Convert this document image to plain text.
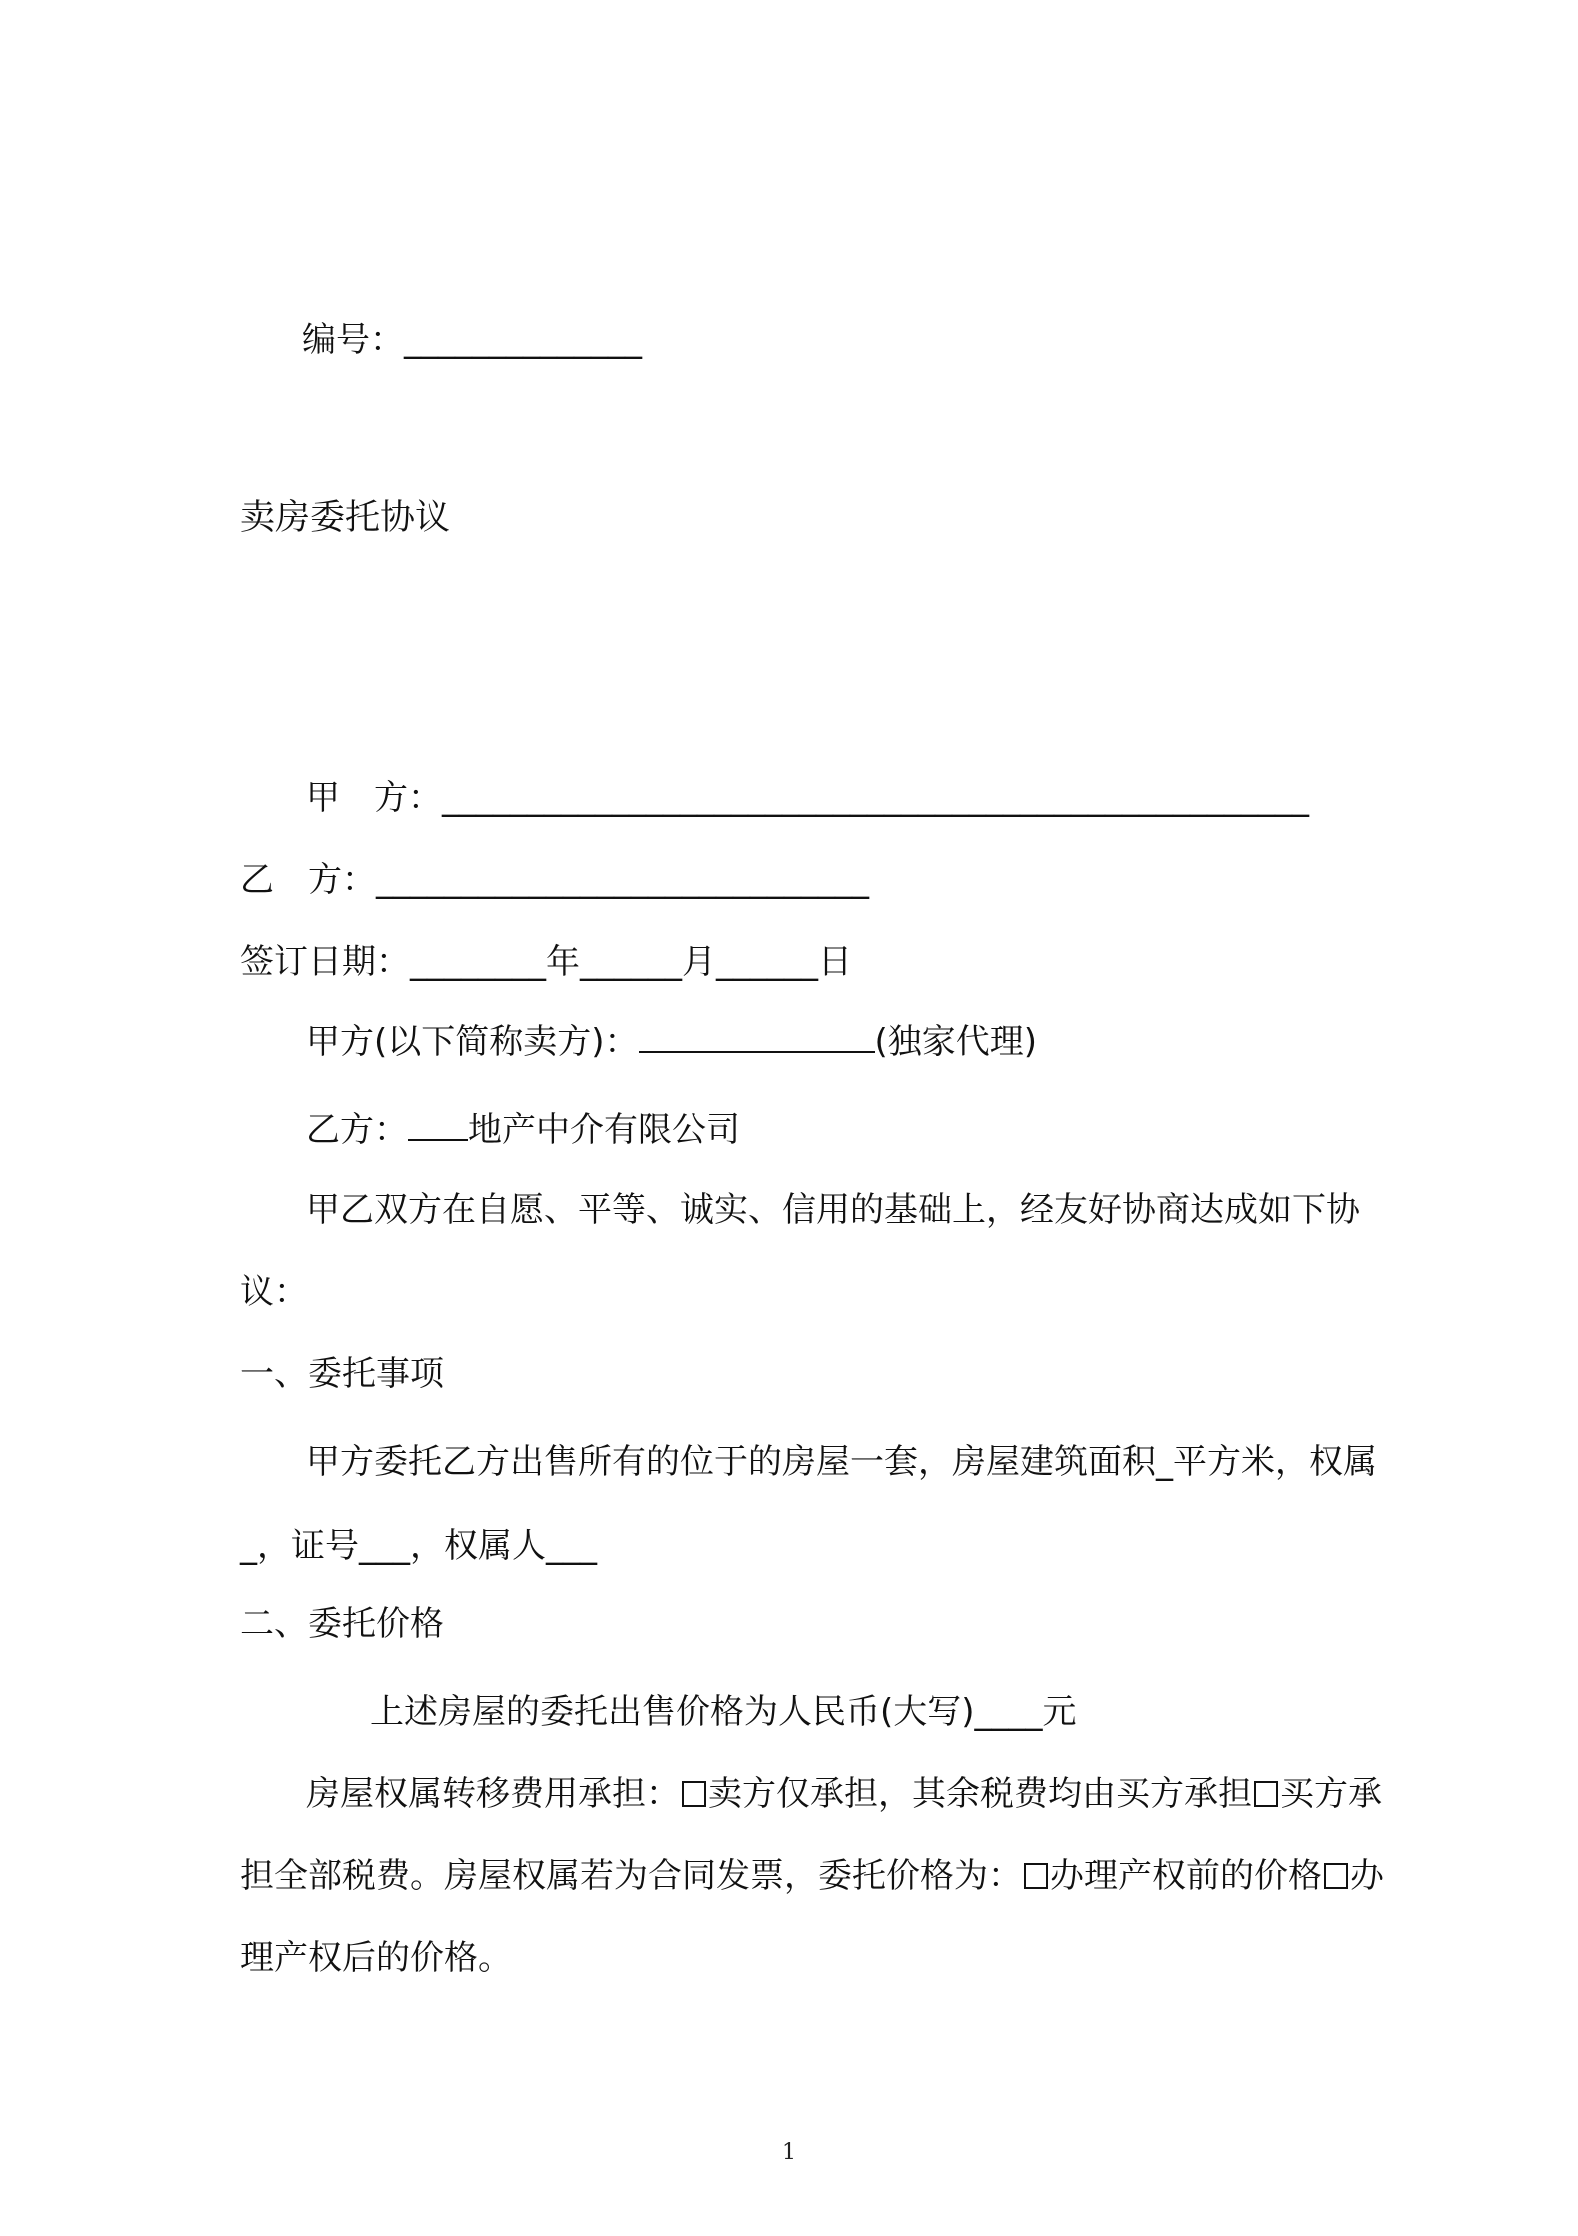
编号：______________
卖房委托协议
甲　方：___________________________________________________
乙　方：_____________________________
签订日期：________年______月______日
甲方(以下简称卖方)：	(独家代理)
乙方： 地产中介有限公司
甲乙双方在自愿、平等、诚实、信用的基础上，经友好协商达成如下协
议：
一、委托事项
甲方委托乙方出售所有的位于的房屋一套，房屋建筑面积_平方米，权属
_，证号___，权属人___
二、委托价格
上述房屋的委托出售价格为人民币(大写)____元
房屋权属转移费用承担： 卖方仅承担，其余税费均由买方承担 买方承
担全部税费。房屋权属若为合同发票，委托价格为： 办理产权前的价格 办
理产权后的价格。
1
